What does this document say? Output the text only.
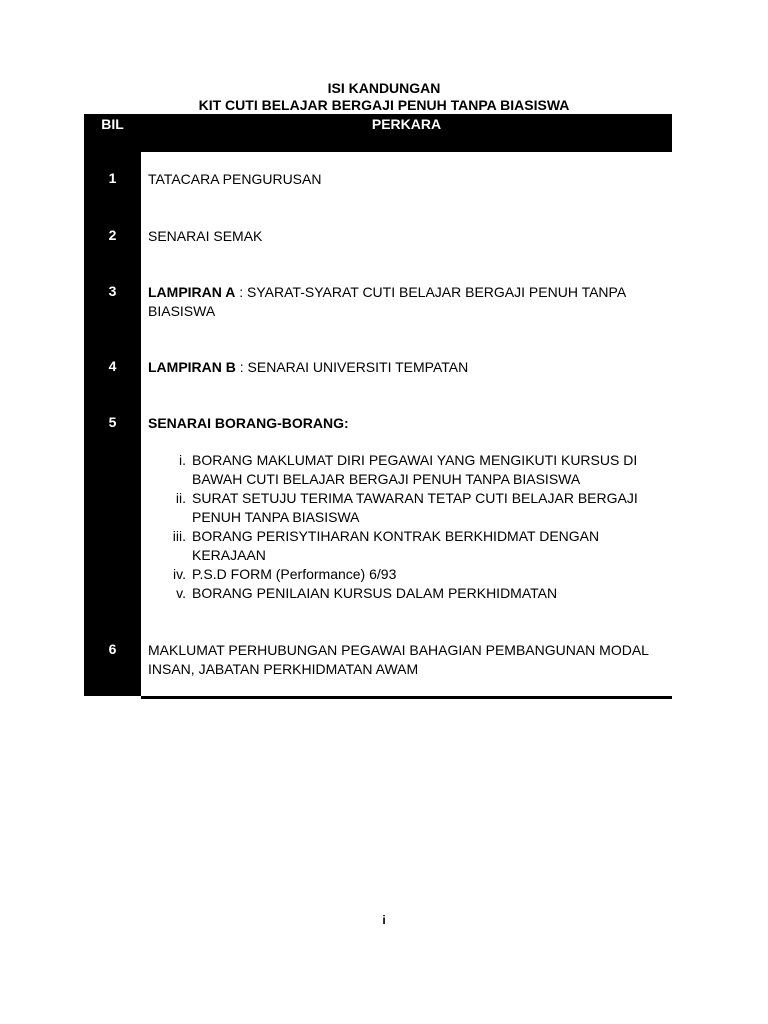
ISI KANDUNGAN
KIT CUTI BELAJAR BERGAJI PENUH TANPA BIASISWA
BIL	PERKARA
1	TATACARA PENGURUSAN
2	SENARAI SEMAK
3	LAMPIRAN A : SYARAT-SYARAT CUTI BELAJAR BERGAJI PENUH TANPA BIASISWA
4	LAMPIRAN B : SENARAI UNIVERSITI TEMPATAN
5	SENARAI BORANG-BORANG:
i. BORANG MAKLUMAT DIRI PEGAWAI YANG MENGIKUTI KURSUS DI BAWAH CUTI BELAJAR BERGAJI PENUH TANPA BIASISWA
ii. SURAT SETUJU TERIMA TAWARAN TETAP CUTI BELAJAR BERGAJI PENUH TANPA BIASISWA
iii. BORANG PERISYTIHARAN KONTRAK BERKHIDMAT DENGAN KERAJAAN
iv. P.S.D FORM (Performance) 6/93
v. BORANG PENILAIAN KURSUS DALAM PERKHIDMATAN
6	MAKLUMAT PERHUBUNGAN PEGAWAI BAHAGIAN PEMBANGUNAN MODAL INSAN, JABATAN PERKHIDMATAN AWAM
i
